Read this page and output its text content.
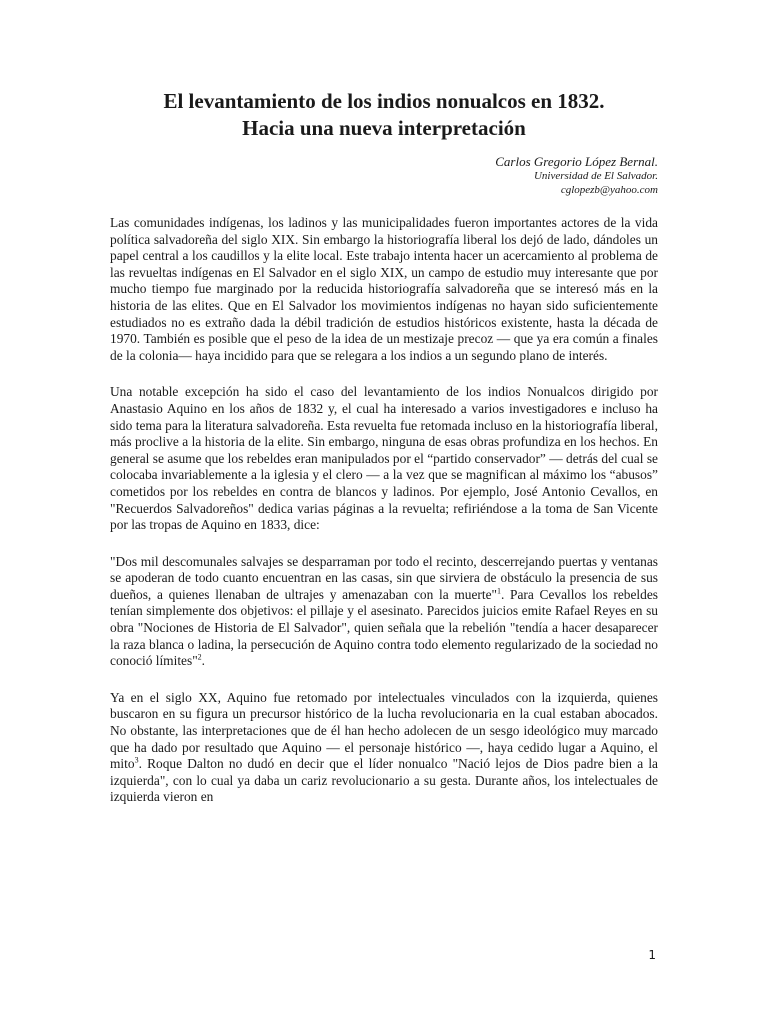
El levantamiento de los indios nonualcos en 1832.
Hacia una nueva interpretación
Carlos Gregorio López Bernal.
Universidad de El Salvador.
cglopezb@yahoo.com

Las comunidades indígenas, los ladinos y las municipalidades fueron importantes actores de la vida política salvadoreña del siglo XIX. Sin embargo la historiografía liberal los dejó de lado, dándoles un papel central a los caudillos y la elite local. Este trabajo intenta hacer un acercamiento al problema de las revueltas indígenas en El Salvador en el siglo XIX, un campo de estudio muy interesante que por mucho tiempo fue marginado por la reducida historiografía salvadoreña que se interesó más en la historia de las elites. Que en El Salvador los movimientos indígenas no hayan sido suficientemente estudiados no es extraño dada la débil tradición de estudios históricos existente, hasta la década de 1970. También es posible que el peso de la idea de un mestizaje precoz — que ya era común a finales de la colonia— haya incidido para que se relegara a los indios a un segundo plano de interés.

Una notable excepción ha sido el caso del levantamiento de los indios Nonualcos dirigido por Anastasio Aquino en los años de 1832 y, el cual ha interesado a varios investigadores e incluso ha sido tema para la literatura salvadoreña. Esta revuelta fue retomada incluso en la historiografía liberal, más proclive a la historia de la elite. Sin embargo, ninguna de esas obras profundiza en los hechos. En general se asume que los rebeldes eran manipulados por el “partido conservador” — detrás del cual se colocaba invariablemente a la iglesia y el clero — a la vez que se magnifican al máximo los “abusos” cometidos por los rebeldes en contra de blancos y ladinos. Por ejemplo, José Antonio Cevallos, en "Recuerdos Salvadoreños" dedica varias páginas a la revuelta; refiriéndose a la toma de San Vicente por las tropas de Aquino en 1833, dice:

"Dos mil descomunales salvajes se desparraman por todo el recinto, descerrejando puertas y ventanas se apoderan de todo cuanto encuentran en las casas, sin que sirviera de obstáculo la presencia de sus dueños, a quienes llenaban de ultrajes y amenazaban con la muerte"$^1$. Para Cevallos los rebeldes tenían simplemente dos objetivos: el pillaje y el asesinato. Parecidos juicios emite Rafael Reyes en su obra "Nociones de Historia de El Salvador", quien señala que la rebelión "tendía a hacer desaparecer la raza blanca o ladina, la persecución de Aquino contra todo elemento regularizado de la sociedad no conoció límites"$^2$.

Ya en el siglo XX, Aquino fue retomado por intelectuales vinculados con la izquierda, quienes buscaron en su figura un precursor histórico de la lucha revolucionaria en la cual estaban abocados. No obstante, las interpretaciones que de él han hecho adolecen de un sesgo ideológico muy marcado que ha dado por resultado que Aquino — el personaje histórico —, haya cedido lugar a Aquino, el mito$^3$. Roque Dalton no dudó en decir que el líder nonualco "Nació lejos de Dios padre bien a la izquierda", con lo cual ya daba un cariz revolucionario a su gesta. Durante años, los intelectuales de izquierda vieron en

1
